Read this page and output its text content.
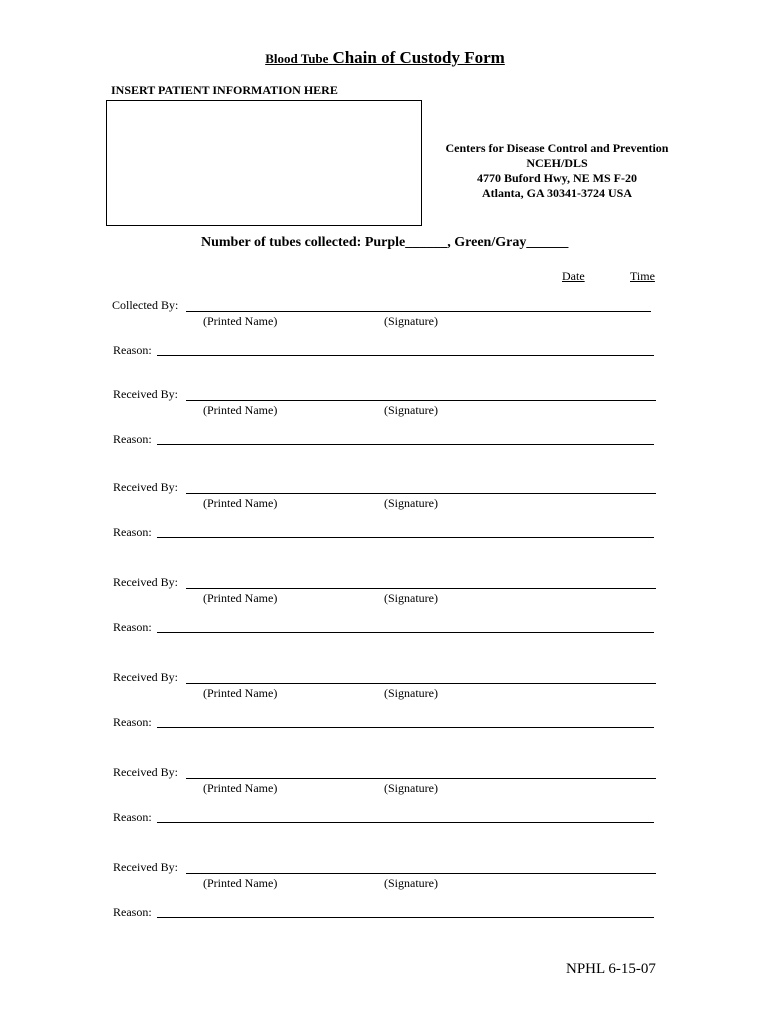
Blood Tube Chain of Custody Form
INSERT PATIENT INFORMATION HERE
Centers for Disease Control and Prevention
NCEH/DLS
4770 Buford Hwy, NE MS F-20
Atlanta, GA 30341-3724 USA
Number of tubes collected: Purple______, Green/Gray______
Date	Time
Collected By:
(Printed Name)	(Signature)
Reason:
Received By:
(Printed Name)	(Signature)
Reason:
Received By:
(Printed Name)	(Signature)
Reason:
Received By:
(Printed Name)	(Signature)
Reason:
Received By:
(Printed Name)	(Signature)
Reason:
Received By:
(Printed Name)	(Signature)
Reason:
Received By:
(Printed Name)	(Signature)
Reason:
NPHL 6-15-07
